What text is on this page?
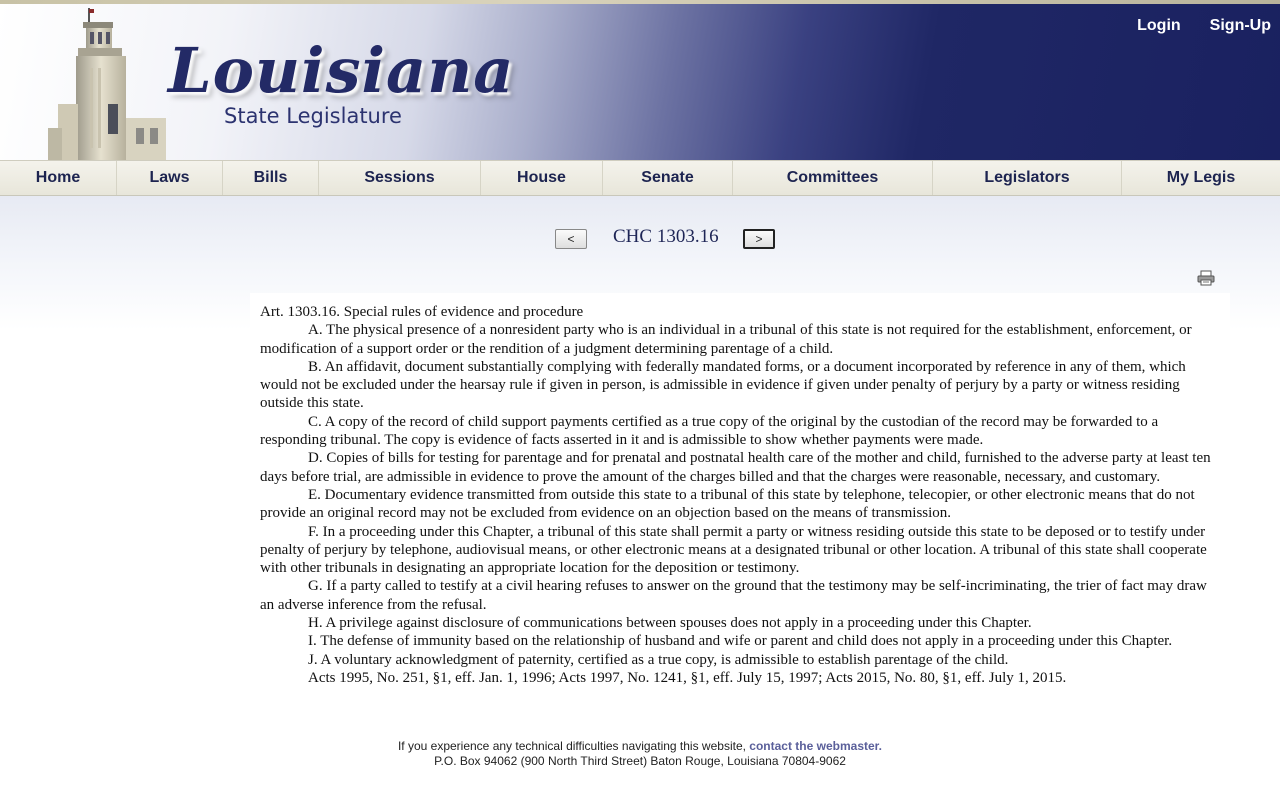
Louisiana
State Legislature
Login Sign-Up
Home	Laws	Bills	Sessions	House	Senate	Committees	Legislators	My Legis
<	CHC 1303.16	>

Art. 1303.16. Special rules of evidence and procedure

A. The physical presence of a nonresident party who is an individual in a tribunal of this state is not required for the establishment, enforcement, or modification of a support order or the rendition of a judgment determining parentage of a child.

B. An affidavit, document substantially complying with federally mandated forms, or a document incorporated by reference in any of them, which would not be excluded under the hearsay rule if given in person, is admissible in evidence if given under penalty of perjury by a party or witness residing outside this state.

C. A copy of the record of child support payments certified as a true copy of the original by the custodian of the record may be forwarded to a responding tribunal. The copy is evidence of facts asserted in it and is admissible to show whether payments were made.

D. Copies of bills for testing for parentage and for prenatal and postnatal health care of the mother and child, furnished to the adverse party at least ten days before trial, are admissible in evidence to prove the amount of the charges billed and that the charges were reasonable, necessary, and customary.

E. Documentary evidence transmitted from outside this state to a tribunal of this state by telephone, telecopier, or other electronic means that do not provide an original record may not be excluded from evidence on an objection based on the means of transmission.

F. In a proceeding under this Chapter, a tribunal of this state shall permit a party or witness residing outside this state to be deposed or to testify under penalty of perjury by telephone, audiovisual means, or other electronic means at a designated tribunal or other location. A tribunal of this state shall cooperate with other tribunals in designating an appropriate location for the deposition or testimony.

G. If a party called to testify at a civil hearing refuses to answer on the ground that the testimony may be self-incriminating, the trier of fact may draw an adverse inference from the refusal.

H. A privilege against disclosure of communications between spouses does not apply in a proceeding under this Chapter.

I. The defense of immunity based on the relationship of husband and wife or parent and child does not apply in a proceeding under this Chapter.

J. A voluntary acknowledgment of paternity, certified as a true copy, is admissible to establish parentage of the child.

Acts 1995, No. 251, §1, eff. Jan. 1, 1996; Acts 1997, No. 1241, §1, eff. July 15, 1997; Acts 2015, No. 80, §1, eff. July 1, 2015.

If you experience any technical difficulties navigating this website, contact the webmaster.
P.O. Box 94062 (900 North Third Street) Baton Rouge, Louisiana 70804-9062
